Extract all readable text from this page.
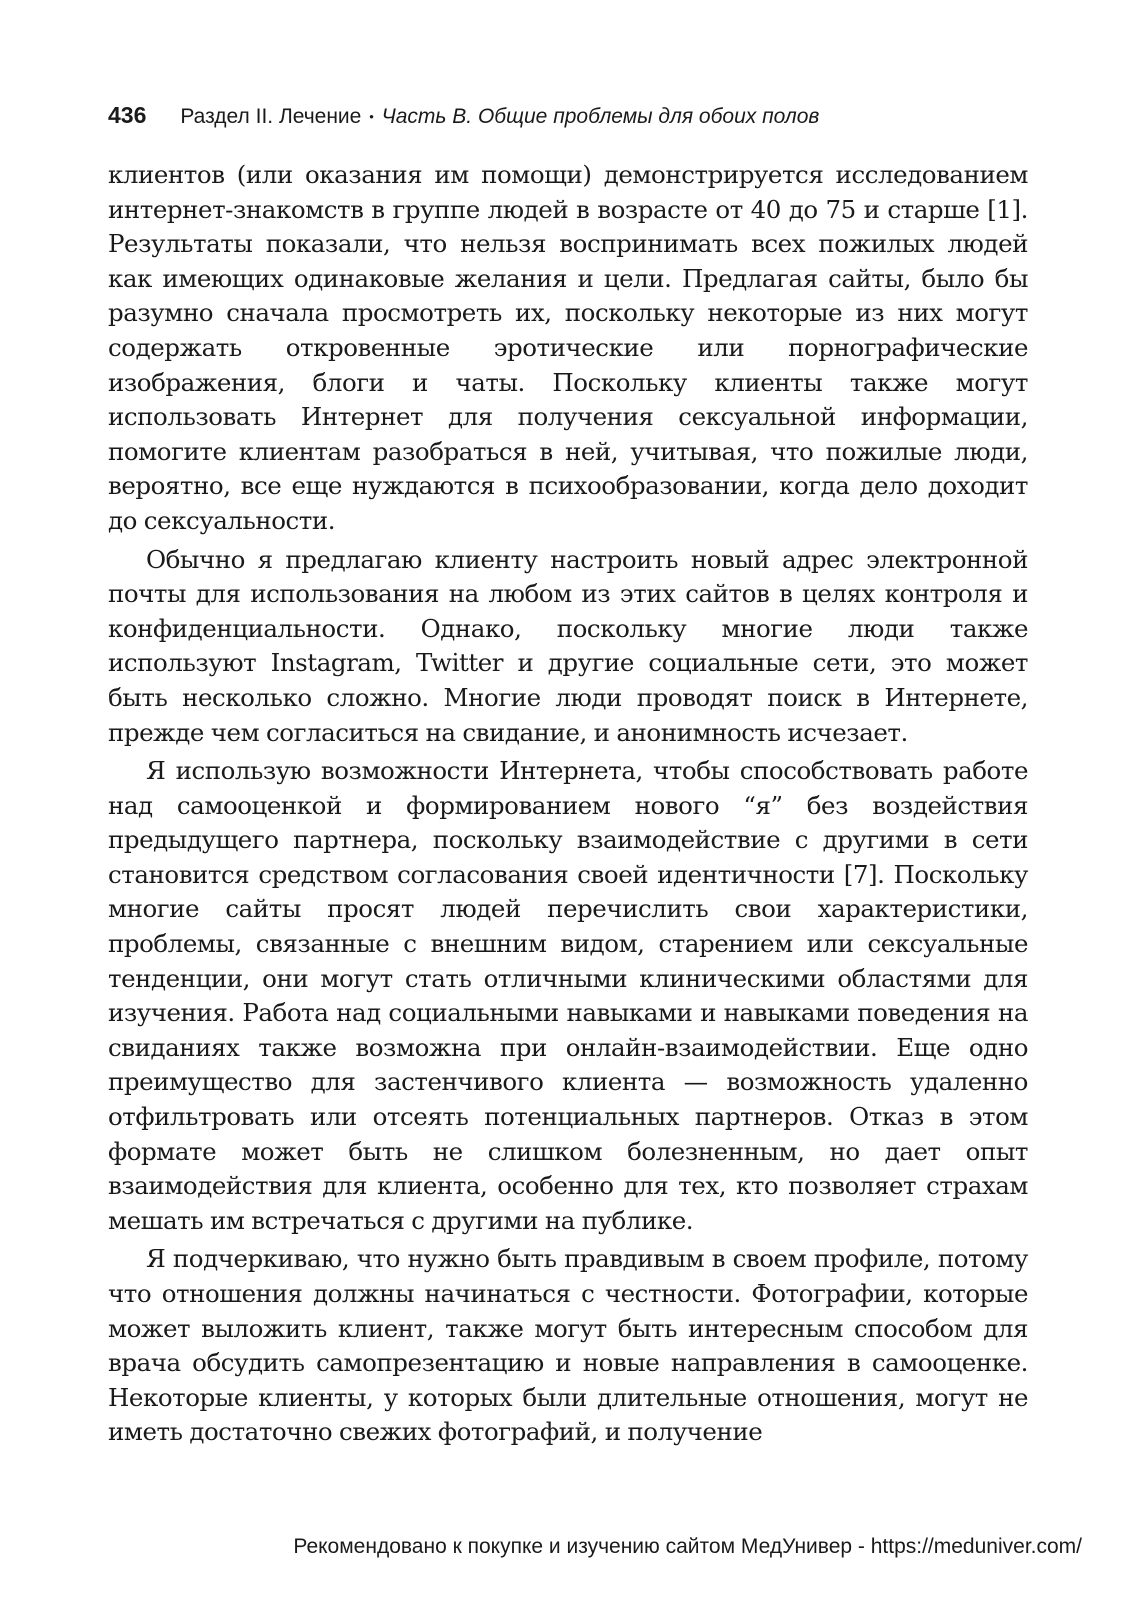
436 Раздел II. Лечение • Часть В. Общие проблемы для обоих полов

клиентов (или оказания им помощи) демонстрируется исследованием интернет-знакомств в группе людей в возрасте от 40 до 75 и старше [1]. Результаты показали, что нельзя воспринимать всех пожилых людей как имеющих одинаковые желания и цели. Предлагая сайты, было бы разумно сначала просмотреть их, поскольку некоторые из них могут содержать откровенные эротические или порнографические изображения, блоги и чаты. Поскольку клиенты также могут использовать Интернет для получения сексуальной информации, помогите клиентам разобраться в ней, учитывая, что пожилые люди, вероятно, все еще нуждаются в психообразовании, когда дело доходит до сексуальности.

Обычно я предлагаю клиенту настроить новый адрес электронной почты для использования на любом из этих сайтов в целях контроля и конфиденциальности. Однако, поскольку многие люди также используют Instagram, Twitter и другие социальные сети, это может быть несколько сложно. Многие люди проводят поиск в Интернете, прежде чем согласиться на свидание, и анонимность исчезает.

Я использую возможности Интернета, чтобы способствовать работе над самооценкой и формированием нового “я” без воздействия предыдущего партнера, поскольку взаимодействие с другими в сети становится средством согласования своей идентичности [7]. Поскольку многие сайты просят людей перечислить свои характеристики, проблемы, связанные с внешним видом, старением или сексуальные тенденции, они могут стать отличными клиническими областями для изучения. Работа над социальными навыками и навыками поведения на свиданиях также возможна при онлайн-взаимодействии. Еще одно преимущество для застенчивого клиента — возможность удаленно отфильтровать или отсеять потенциальных партнеров. Отказ в этом формате может быть не слишком болезненным, но дает опыт взаимодействия для клиента, особенно для тех, кто позволяет страхам мешать им встречаться с другими на публике.

Я подчеркиваю, что нужно быть правдивым в своем профиле, потому что отношения должны начинаться с честности. Фотографии, которые может выложить клиент, также могут быть интересным способом для врача обсудить самопрезентацию и новые направления в самооценке. Некоторые клиенты, у которых были длительные отношения, могут не иметь достаточно свежих фотографий, и получение

Рекомендовано к покупке и изучению сайтом МедУнивер - https://meduniver.com/
